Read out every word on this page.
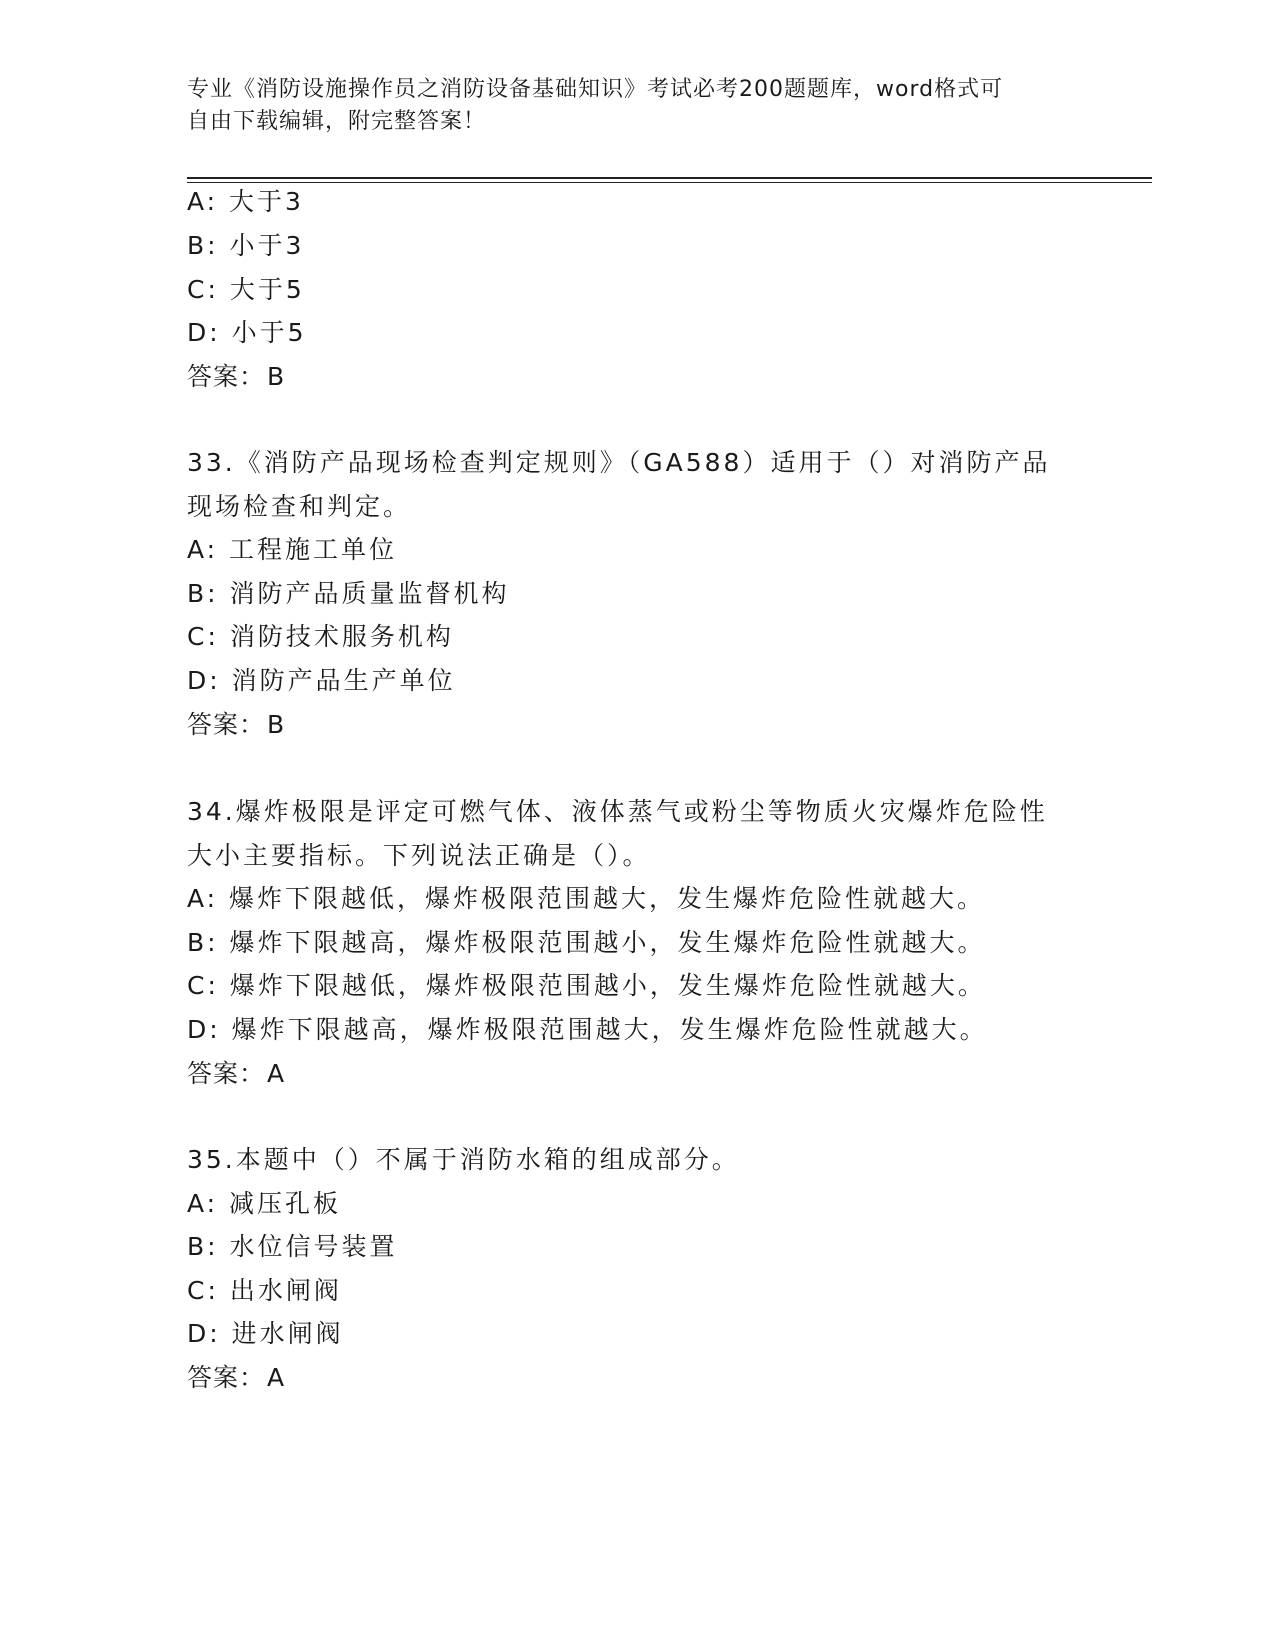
专业《消防设施操作员之消防设备基础知识》考试必考200题题库，word格式可
自由下载编辑，附完整答案！
A: 大于3
B: 小于3
C: 大于5
D: 小于5
答案：B
33.《消防产品现场检查判定规则》（GA588）适用于（）对消防产品
现场检查和判定。
A: 工程施工单位
B: 消防产品质量监督机构
C: 消防技术服务机构
D: 消防产品生产单位
答案：B
34.爆炸极限是评定可燃气体、液体蒸气或粉尘等物质火灾爆炸危险性
大小主要指标。下列说法正确是（）。
A: 爆炸下限越低，爆炸极限范围越大，发生爆炸危险性就越大。
B: 爆炸下限越高，爆炸极限范围越小，发生爆炸危险性就越大。
C: 爆炸下限越低，爆炸极限范围越小，发生爆炸危险性就越大。
D: 爆炸下限越高，爆炸极限范围越大，发生爆炸危险性就越大。
答案：A
35.本题中（）不属于消防水箱的组成部分。
A: 减压孔板
B: 水位信号装置
C: 出水闸阀
D: 进水闸阀
答案：A
